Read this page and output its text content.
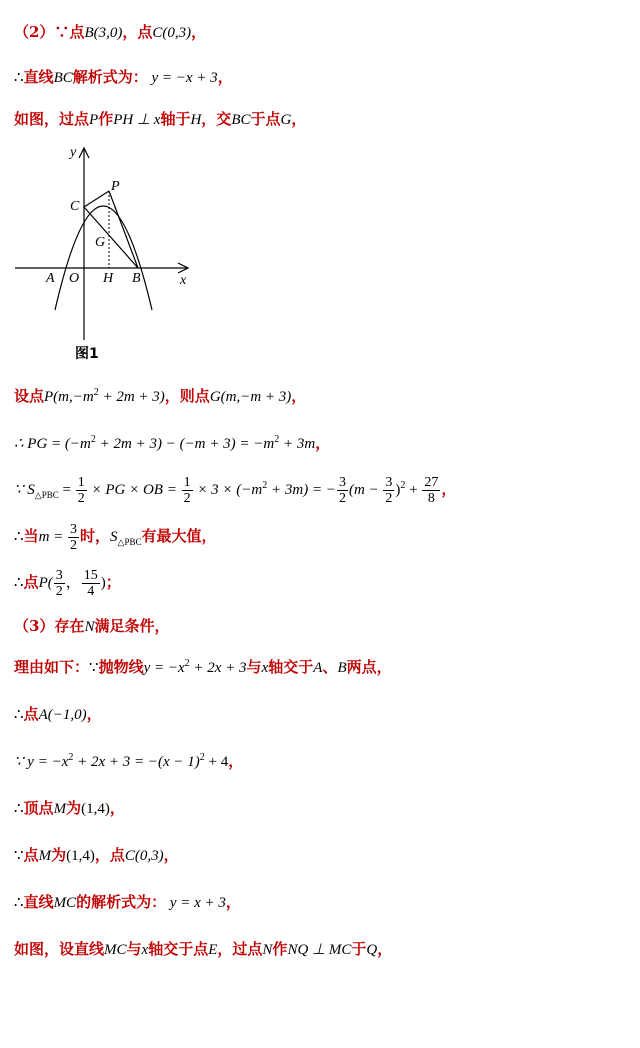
（2）∵点B(3,0)，点C(0,3)，
∴直线BC解析式为： y = −x + 3，
如图，过点P作PH ⊥ x轴于H，交BC于点G，
y
x
C
P
G
A O H B
图1
设点$P(m,-m^2 + 2m + 3)$，则点G(m,−m + 3)，
∴ PG = $(-m^2 + 2m + 3) - (-m + 3) = -m^2 + 3m$，
∵ $S_{\triangle PBC} = \frac{1}{2}$ × PG × OB = $\frac{1}{2} \times 3 \times (-m^2 + 3m)$ = − $\frac{3}{2} (m - \frac{3}{2} )^2 + \frac{27}{8}$ ，
∴当$m = \frac{3}{2}$ 时，$S_{\triangle PBC}$有最大值，
∴点$P( \frac{3}{2}$ ， $\frac{15}{4}$ )；
（3）存在N满足条件，
理由如下：∵抛物线$y = -x^2 + 2x + 3$与x轴交于A、B两点，
∴点A(−1,0)，
∵ $y = -x^2 + 2x + 3 = -(x - 1)^2 + 4$，
∴顶点M为(1,4)，
∵点M为(1,4)，点C(0,3)，
∴直线MC的解析式为： y = x + 3，
如图，设直线MC与x轴交于点E，过点N作NQ ⊥ MC于Q，
